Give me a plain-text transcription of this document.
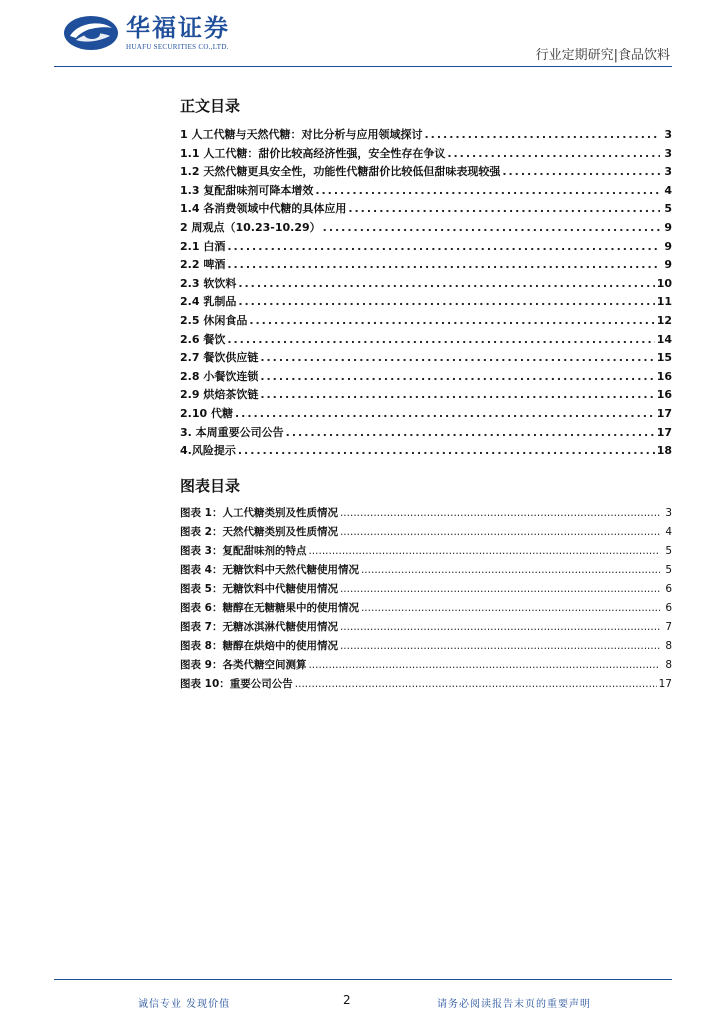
华福证券
HUAFU SECURITIES CO.,LTD.
行业定期研究|食品饮料
正文目录
1 人工代糖与天然代糖：对比分析与应用领域探讨 .....	3
1.1 人工代糖：甜价比较高经济性强，安全性存在争议 .....	3
1.2 天然代糖更具安全性，功能性代糖甜价比较低但甜味表现较强 .....	3
1.3 复配甜味剂可降本增效 .....	4
1.4 各消费领域中代糖的具体应用 .....	5
2 周观点（10.23-10.29） .....	9
2.1 白酒 .....	9
2.2 啤酒 .....	9
2.3 软饮料 .....	10
2.4 乳制品 .....	11
2.5 休闲食品 .....	12
2.6 餐饮 .....	14
2.7 餐饮供应链 .....	15
2.8 小餐饮连锁 .....	16
2.9 烘焙茶饮链 .....	16
2.10 代糖 .....	17
3. 本周重要公司公告 .....	17
4.风险提示 .....	18
图表目录
图表 1：人工代糖类别及性质情况 .....	3
图表 2：天然代糖类别及性质情况 .....	4
图表 3：复配甜味剂的特点 .....	5
图表 4：无糖饮料中天然代糖使用情况 .....	5
图表 5：无糖饮料中代糖使用情况 .....	6
图表 6：糖醇在无糖糖果中的使用情况 .....	6
图表 7：无糖冰淇淋代糖使用情况 .....	7
图表 8：糖醇在烘焙中的使用情况 .....	8
图表 9：各类代糖空间测算 .....	8
图表 10：重要公司公告 .....	17
诚信专业 发现价值	2	请务必阅读报告末页的重要声明
